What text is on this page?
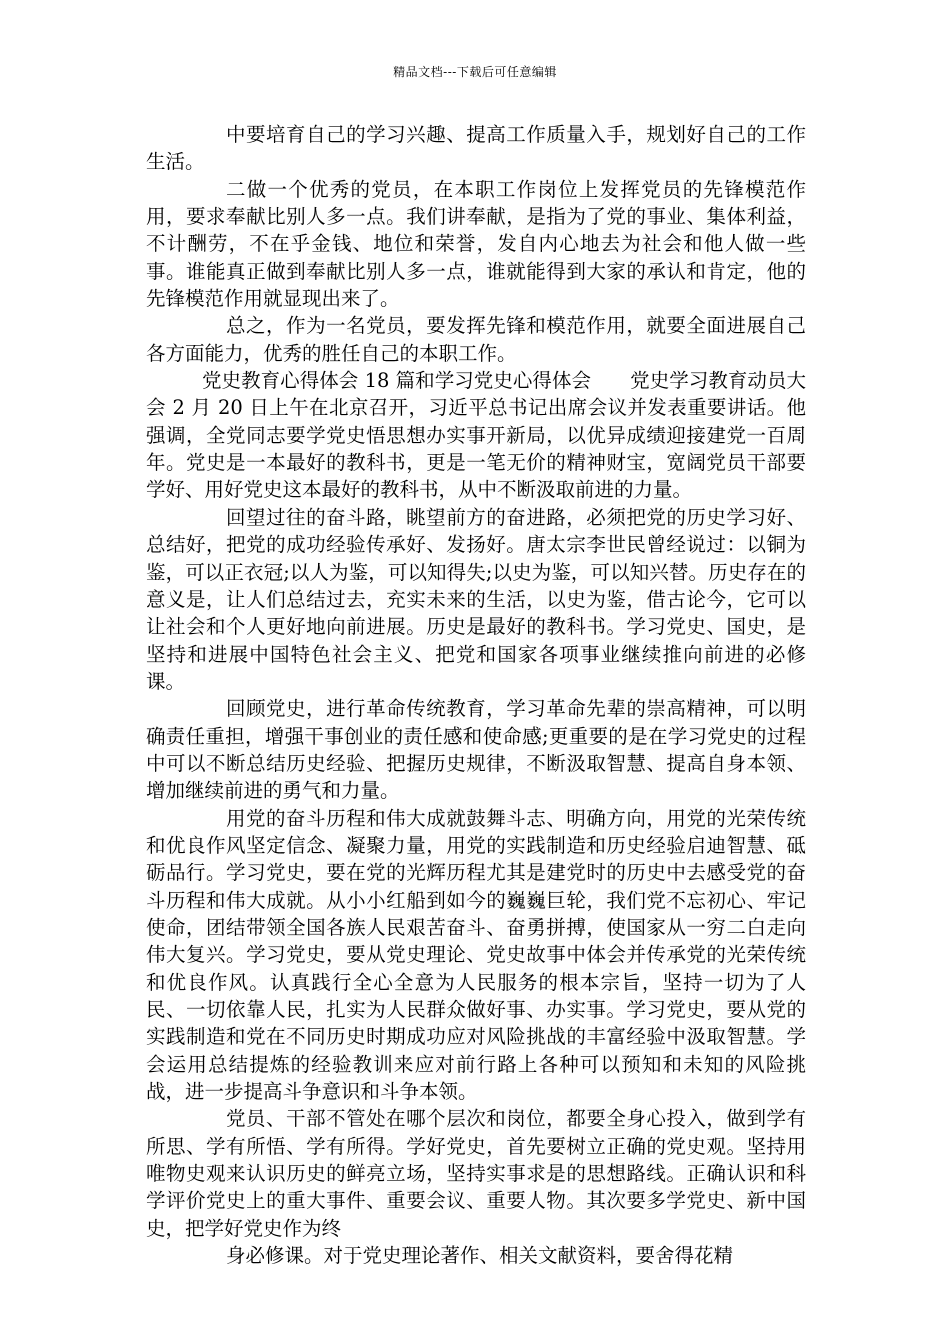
精品文档---下载后可任意编辑

中要培育自己的学习兴趣、提高工作质量入手，规划好自己的工作生活。

二做一个优秀的党员，在本职工作岗位上发挥党员的先锋模范作用，要求奉献比别人多一点。我们讲奉献，是指为了党的事业、集体利益，不计酬劳，不在乎金钱、地位和荣誉，发自内心地去为社会和他人做一些事。谁能真正做到奉献比别人多一点，谁就能得到大家的承认和肯定，他的先锋模范作用就显现出来了。

总之，作为一名党员，要发挥先锋和模范作用，就要全面进展自己各方面能力，优秀的胜任自己的本职工作。

党史教育心得体会 18 篇和学习党史心得体会　　党史学习教育动员大会 2 月 20 日上午在北京召开，习近平总书记出席会议并发表重要讲话。他强调，全党同志要学党史悟思想办实事开新局，以优异成绩迎接建党一百周年。党史是一本最好的教科书，更是一笔无价的精神财宝，宽阔党员干部要学好、用好党史这本最好的教科书，从中不断汲取前进的力量。

回望过往的奋斗路，眺望前方的奋进路，必须把党的历史学习好、总结好，把党的成功经验传承好、发扬好。唐太宗李世民曾经说过：以铜为鉴，可以正衣冠;以人为鉴，可以知得失;以史为鉴，可以知兴替。历史存在的意义是，让人们总结过去，充实未来的生活，以史为鉴，借古论今，它可以让社会和个人更好地向前进展。历史是最好的教科书。学习党史、国史，是坚持和进展中国特色社会主义、把党和国家各项事业继续推向前进的必修课。

回顾党史，进行革命传统教育，学习革命先辈的崇高精神，可以明确责任重担，增强干事创业的责任感和使命感;更重要的是在学习党史的过程中可以不断总结历史经验、把握历史规律，不断汲取智慧、提高自身本领、增加继续前进的勇气和力量。

用党的奋斗历程和伟大成就鼓舞斗志、明确方向，用党的光荣传统和优良作风坚定信念、凝聚力量，用党的实践制造和历史经验启迪智慧、砥砺品行。学习党史，要在党的光辉历程尤其是建党时的历史中去感受党的奋斗历程和伟大成就。从小小红船到如今的巍巍巨轮，我们党不忘初心、牢记使命，团结带领全国各族人民艰苦奋斗、奋勇拼搏，使国家从一穷二白走向伟大复兴。学习党史，要从党史理论、党史故事中体会并传承党的光荣传统和优良作风。认真践行全心全意为人民服务的根本宗旨，坚持一切为了人民、一切依靠人民，扎实为人民群众做好事、办实事。学习党史，要从党的实践制造和党在不同历史时期成功应对风险挑战的丰富经验中汲取智慧。学会运用总结提炼的经验教训来应对前行路上各种可以预知和未知的风险挑战，进一步提高斗争意识和斗争本领。

党员、干部不管处在哪个层次和岗位，都要全身心投入，做到学有所思、学有所悟、学有所得。学好党史，首先要树立正确的党史观。坚持用唯物史观来认识历史的鲜亮立场，坚持实事求是的思想路线。正确认识和科学评价党史上的重大事件、重要会议、重要人物。其次要多学党史、新中国史，把学好党史作为终

身必修课。对于党史理论著作、相关文献资料，要舍得花精
